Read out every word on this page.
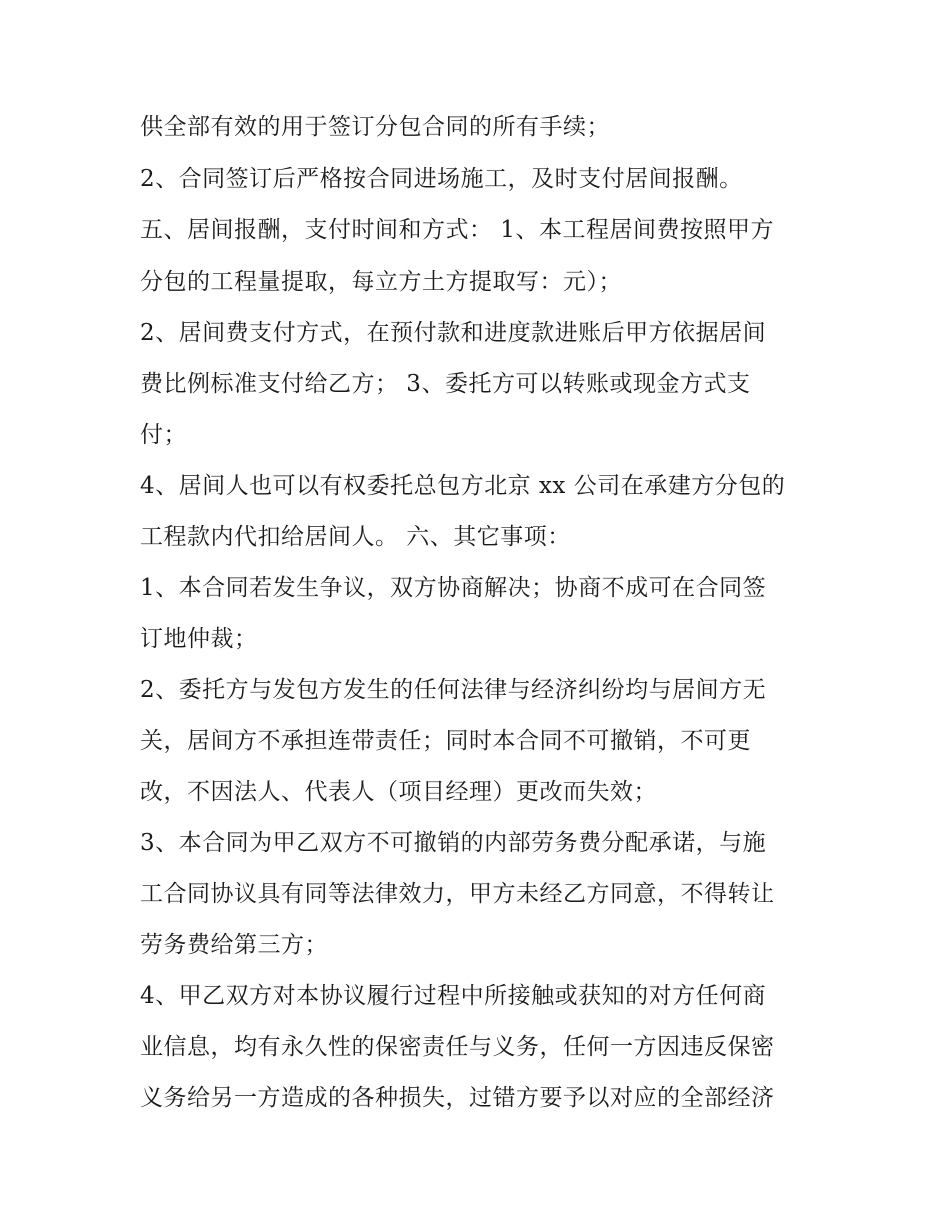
供全部有效的用于签订分包合同的所有手续；
2、合同签订后严格按合同进场施工，及时支付居间报酬。
五、居间报酬，支付时间和方式： 1、本工程居间费按照甲方
分包的工程量提取，每立方土方提取写：元）；
2、居间费支付方式，在预付款和进度款进账后甲方依据居间
费比例标准支付给乙方； 3、委托方可以转账或现金方式支
付；
4、居间人也可以有权委托总包方北京 xx 公司在承建方分包的
工程款内代扣给居间人。 六、其它事项：
1、本合同若发生争议，双方协商解决；协商不成可在合同签
订地仲裁；
2、委托方与发包方发生的任何法律与经济纠纷均与居间方无
关，居间方不承担连带责任；同时本合同不可撤销，不可更
改，不因法人、代表人（项目经理）更改而失效；
3、本合同为甲乙双方不可撤销的内部劳务费分配承诺，与施
工合同协议具有同等法律效力，甲方未经乙方同意，不得转让
劳务费给第三方；
4、甲乙双方对本协议履行过程中所接触或获知的对方任何商
业信息，均有永久性的保密责任与义务，任何一方因违反保密
义务给另一方造成的各种损失，过错方要予以对应的全部经济
